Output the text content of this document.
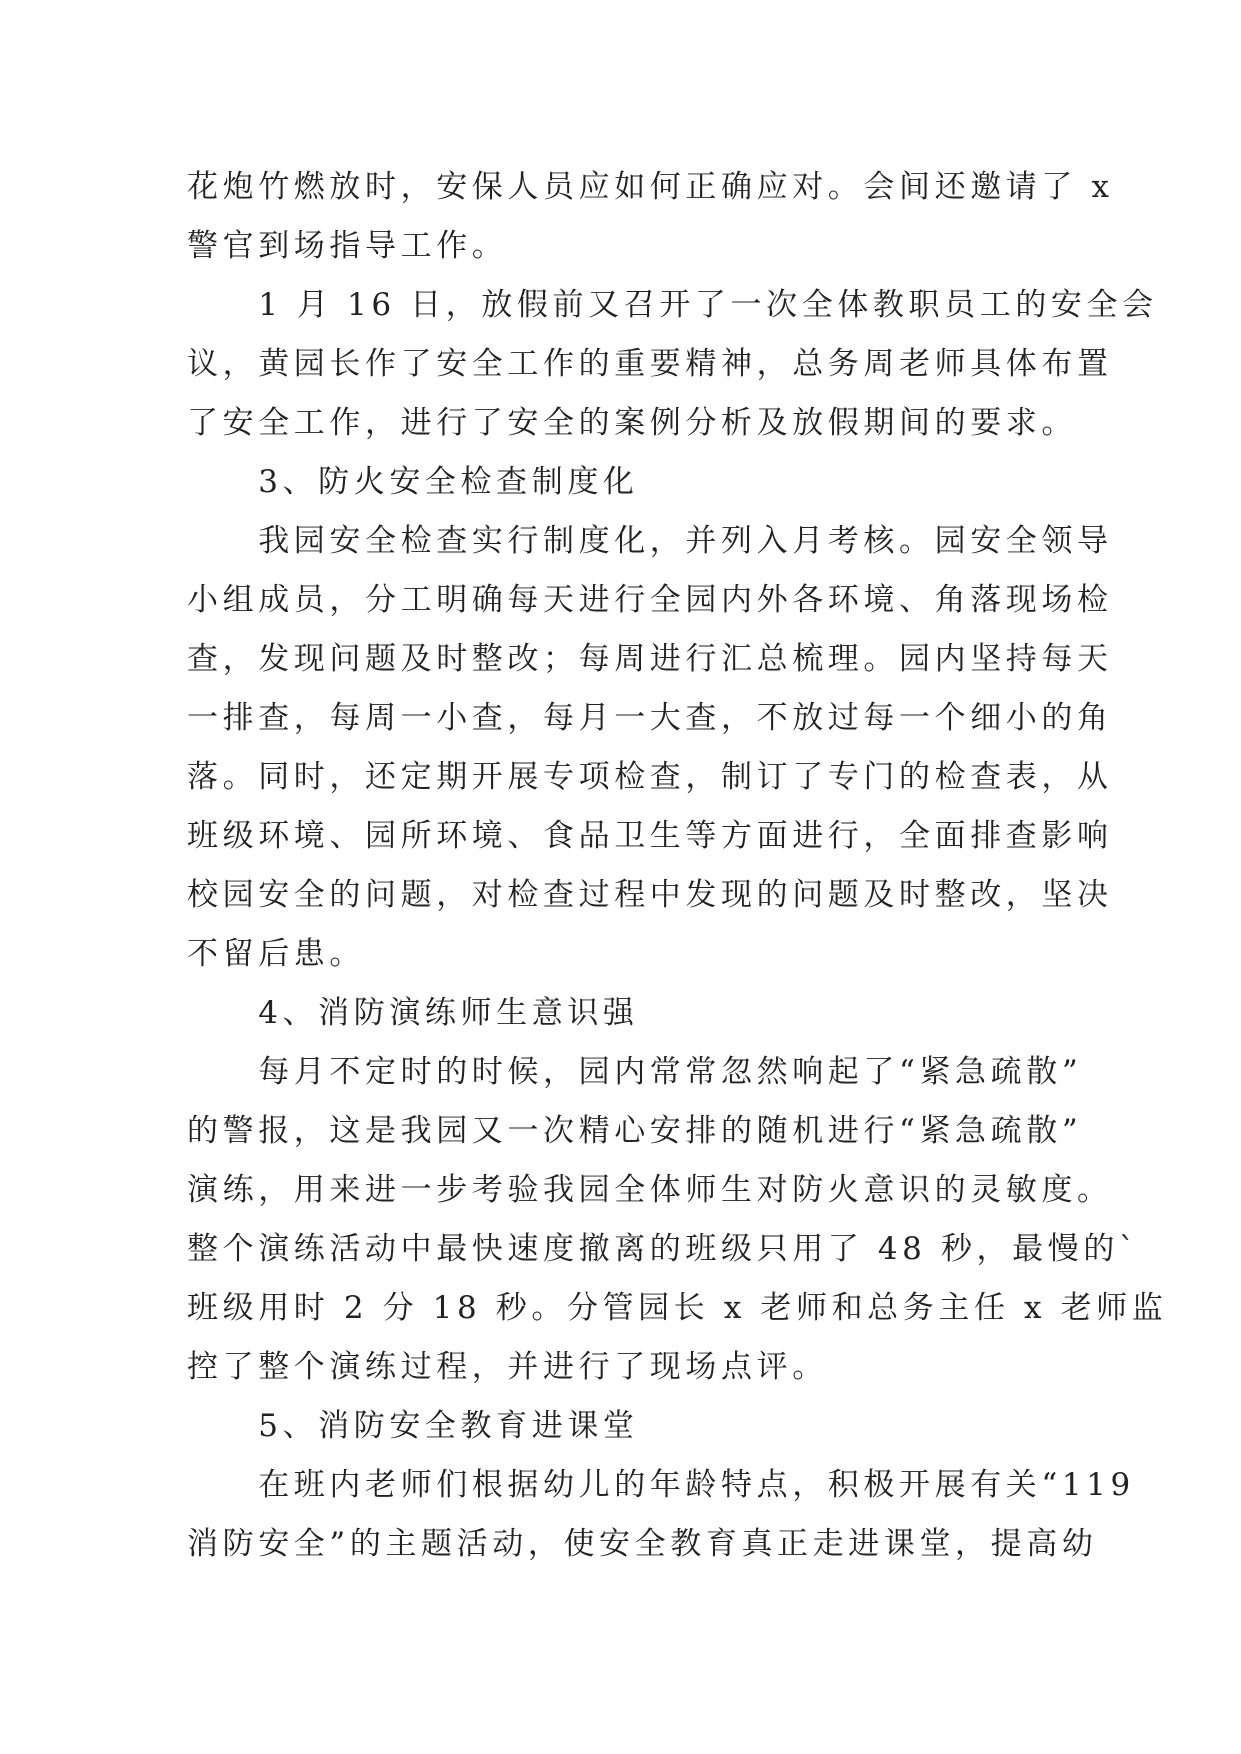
花炮竹燃放时，安保人员应如何正确应对。会间还邀请了 x
警官到场指导工作。
　　1 月 16 日，放假前又召开了一次全体教职员工的安全会
议，黄园长作了安全工作的重要精神，总务周老师具体布置
了安全工作，进行了安全的案例分析及放假期间的要求。
　　3、防火安全检查制度化
　　我园安全检查实行制度化，并列入月考核。园安全领导
小组成员，分工明确每天进行全园内外各环境、角落现场检
查，发现问题及时整改；每周进行汇总梳理。园内坚持每天
一排查，每周一小查，每月一大查，不放过每一个细小的角
落。同时，还定期开展专项检查，制订了专门的检查表，从
班级环境、园所环境、食品卫生等方面进行，全面排查影响
校园安全的问题，对检查过程中发现的问题及时整改，坚决
不留后患。
　　4、消防演练师生意识强
　　每月不定时的时候，园内常常忽然响起了“紧急疏散”
的警报，这是我园又一次精心安排的随机进行“紧急疏散”
演练，用来进一步考验我园全体师生对防火意识的灵敏度。
整个演练活动中最快速度撤离的班级只用了 48 秒，最慢的`
班级用时 2 分 18 秒。分管园长 x 老师和总务主任 x 老师监
控了整个演练过程，并进行了现场点评。
　　5、消防安全教育进课堂
　　在班内老师们根据幼儿的年龄特点，积极开展有关“119
消防安全”的主题活动，使安全教育真正走进课堂，提高幼
